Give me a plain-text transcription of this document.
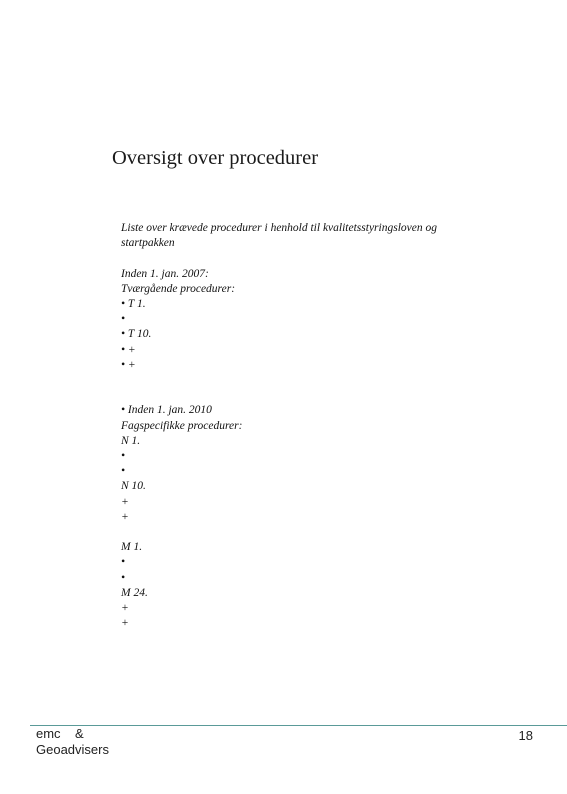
Oversigt over procedurer
Liste over krævede procedurer i henhold til kvalitetsstyringsloven og
startpakken
Inden 1. jan. 2007:
Tværgående procedurer:
• T 1.
•
• T 10.
• +
• +
• Inden 1. jan. 2010
Fagspecifikke procedurer:
N 1.
•
•
N 10.
+
+
M 1.
•
•
M 24.
+
+
emc    &
Geoadvisers
18
